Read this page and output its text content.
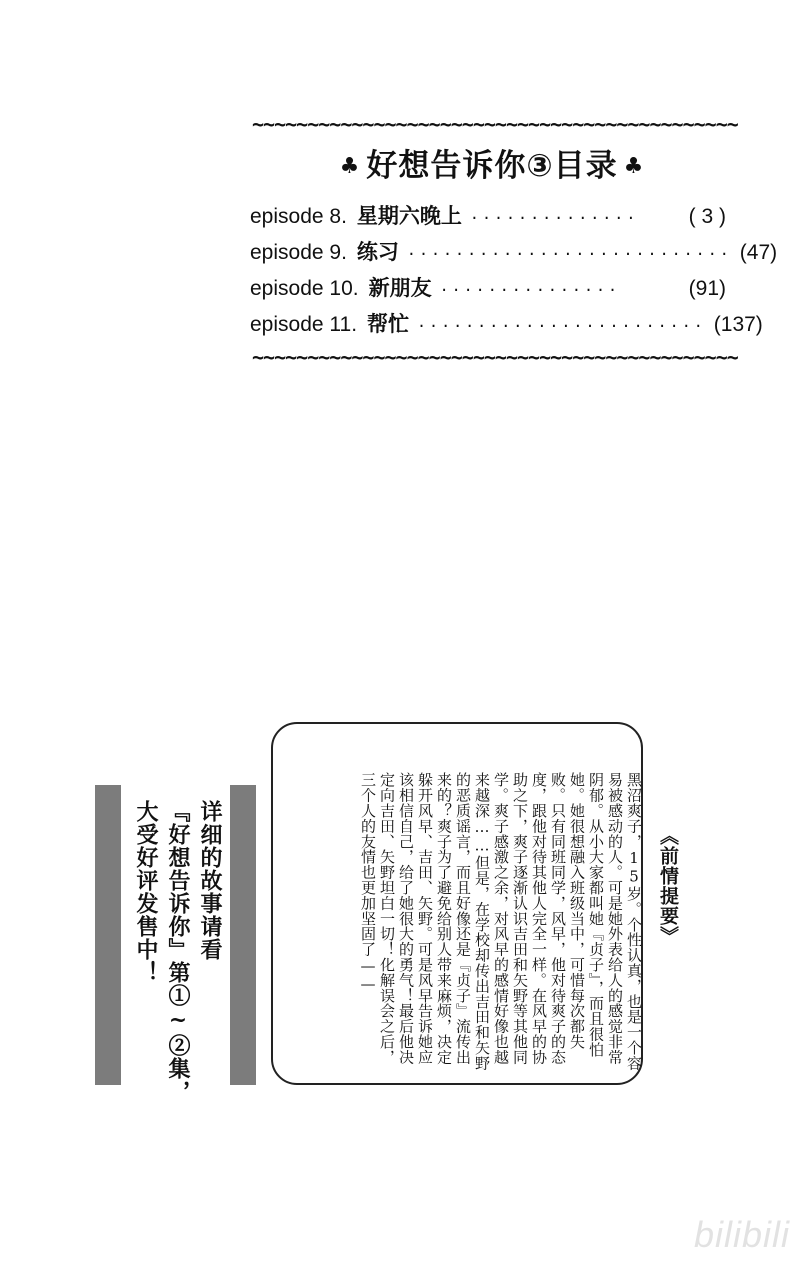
~~~~~~~~~~~~~~~~~~~~~~~~~~~~~~~~~~~~~~~~~~~~
♣ 好想告诉你③目录 ♣
episode 8. 星期六晚上 ··············	( 3 )
episode 9. 练习 ··························· (47)
episode 10. 新朋友 ···············	(91)
episode 11. 帮忙 ························ (137)
~~~~~~~~~~~~~~~~~~~~~~~~~~~~~~~~~~~~~~~~~~~~
详细的故事请看
『好想告诉你』第①~②集，
大受好评发售中！	《前情提要》
黑沼爽子，15岁。个性认真，也是一个容易被感动的人。可是她外表给人的感觉非常阴郁。从小大家都叫她『贞子』，而且很怕她。她很想融入班级当中，可惜每次都失败。只有同班同学，风早，他对待爽子的态度，跟他对待其他人完全一样。在风早的协助之下，爽子逐渐认识吉田和矢野等其他同学。爽子感激之余，对风早的感情好像也越来越深……但是，在学校却传出吉田和矢野的恶质谣言，而且好像还是『贞子』流传出来的？爽子为了避免给别人带来麻烦，决定躲开风早、吉田、矢野。可是风早告诉她应该相信自己，给了她很大的勇气！最后他决定向吉田、矢野坦白一切！化解误会之后，三个人的友情也更加坚固了——
bilibili
